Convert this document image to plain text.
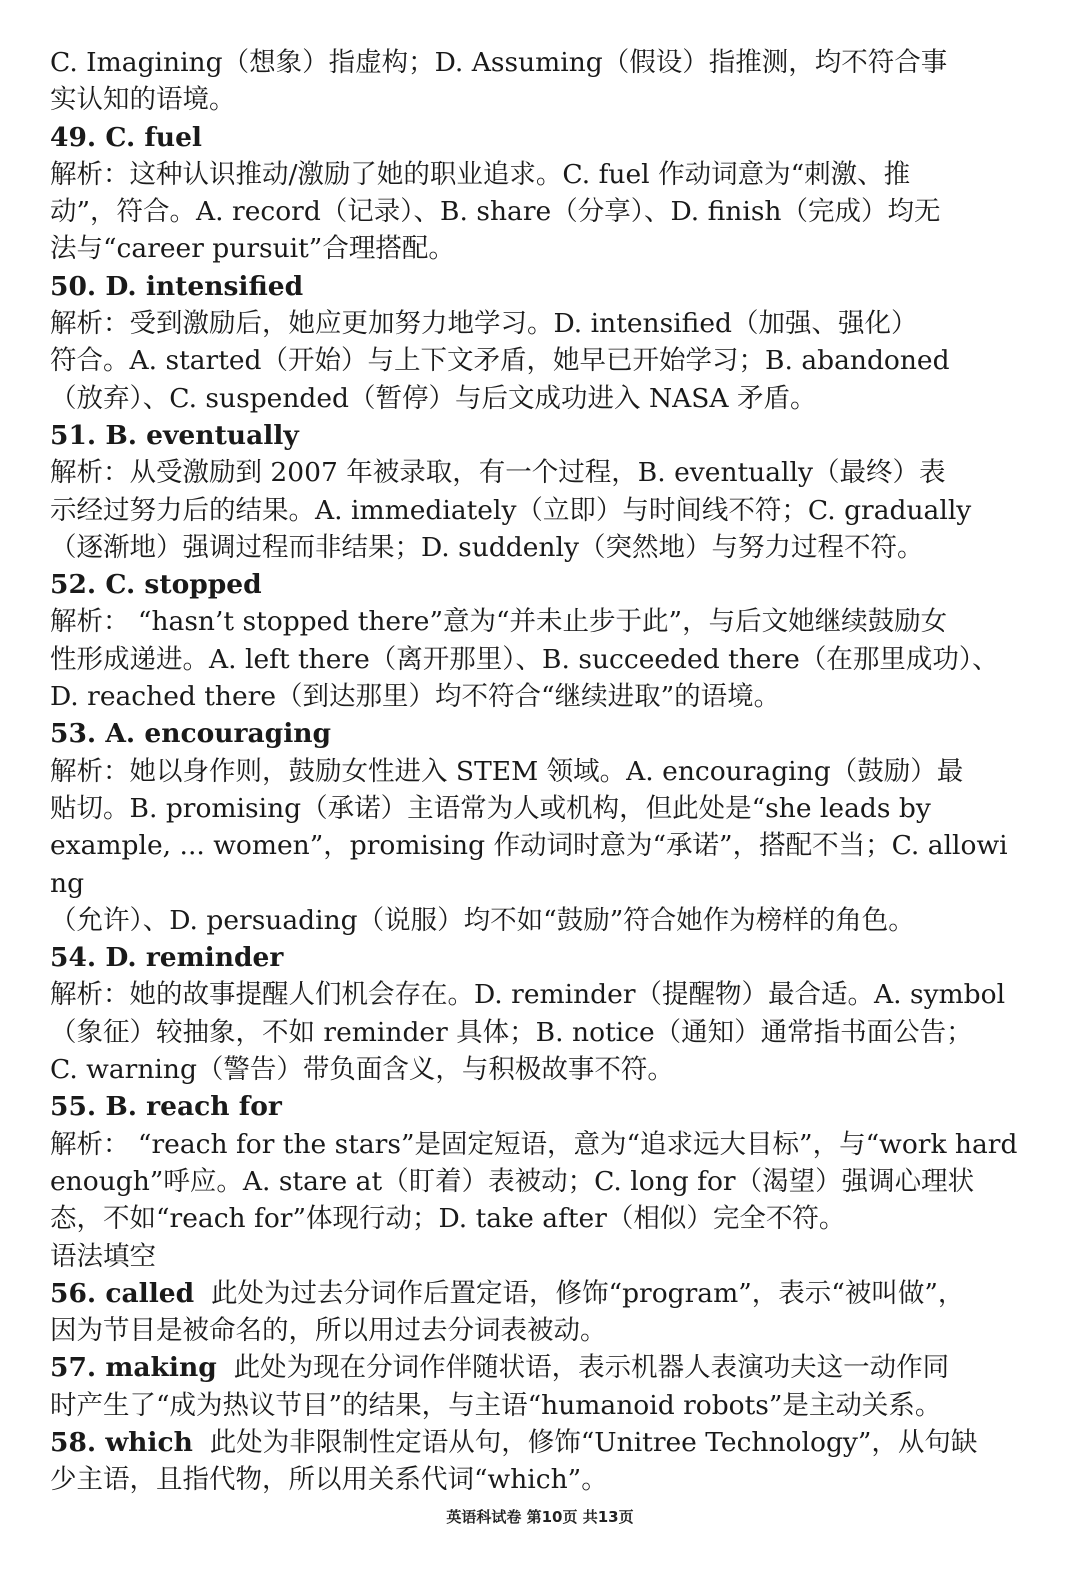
C. Imagining（想象）指虚构；D. Assuming（假设）指推测，均不符合事
实认知的语境。
49. C. fuel
解析：这种认识推动/激励了她的职业追求。C. fuel 作动词意为“刺激、推
动”，符合。A. record（记录）、B. share（分享）、D. finish（完成）均无
法与“career pursuit”合理搭配。
50. D. intensified
解析：受到激励后，她应更加努力地学习。D. intensified（加强、强化）
符合。A. started（开始）与上下文矛盾，她早已开始学习；B. abandoned
（放弃）、C. suspended（暂停）与后文成功进入 NASA 矛盾。
51. B. eventually
解析：从受激励到 2007 年被录取，有一个过程，B. eventually（最终）表
示经过努力后的结果。A. immediately（立即）与时间线不符；C. gradually
（逐渐地）强调过程而非结果；D. suddenly（突然地）与努力过程不符。
52. C. stopped
解析： “hasn’t stopped there”意为“并未止步于此”，与后文她继续鼓励女
性形成递进。A. left there（离开那里）、B. succeeded there（在那里成功）、
D. reached there（到达那里）均不符合“继续进取”的语境。
53. A. encouraging
解析：她以身作则，鼓励女性进入 STEM 领域。A. encouraging（鼓励）最
贴切。B. promising（承诺）主语常为人或机构，但此处是“she leads by
example, ... women”，promising 作动词时意为“承诺”，搭配不当；C. allowing
（允许）、D. persuading（说服）均不如“鼓励”符合她作为榜样的角色。
54. D. reminder
解析：她的故事提醒人们机会存在。D. reminder（提醒物）最合适。A. symbol
（象征）较抽象，不如 reminder 具体；B. notice（通知）通常指书面公告；
C. warning（警告）带负面含义，与积极故事不符。
55. B. reach for
解析： “reach for the stars”是固定短语，意为“追求远大目标”，与“work hard
enough”呼应。A. stare at（盯着）表被动；C. long for（渴望）强调心理状
态，不如“reach for”体现行动；D. take after（相似）完全不符。
语法填空
56. called 此处为过去分词作后置定语，修饰“program”，表示“被叫做”，
因为节目是被命名的，所以用过去分词表被动。
57. making 此处为现在分词作伴随状语，表示机器人表演功夫这一动作同
时产生了“成为热议节目”的结果，与主语“humanoid robots”是主动关系。
58. which 此处为非限制性定语从句，修饰“Unitree Technology”，从句缺
少主语，且指代物，所以用关系代词“which”。
英语科试卷 第10页 共13页
